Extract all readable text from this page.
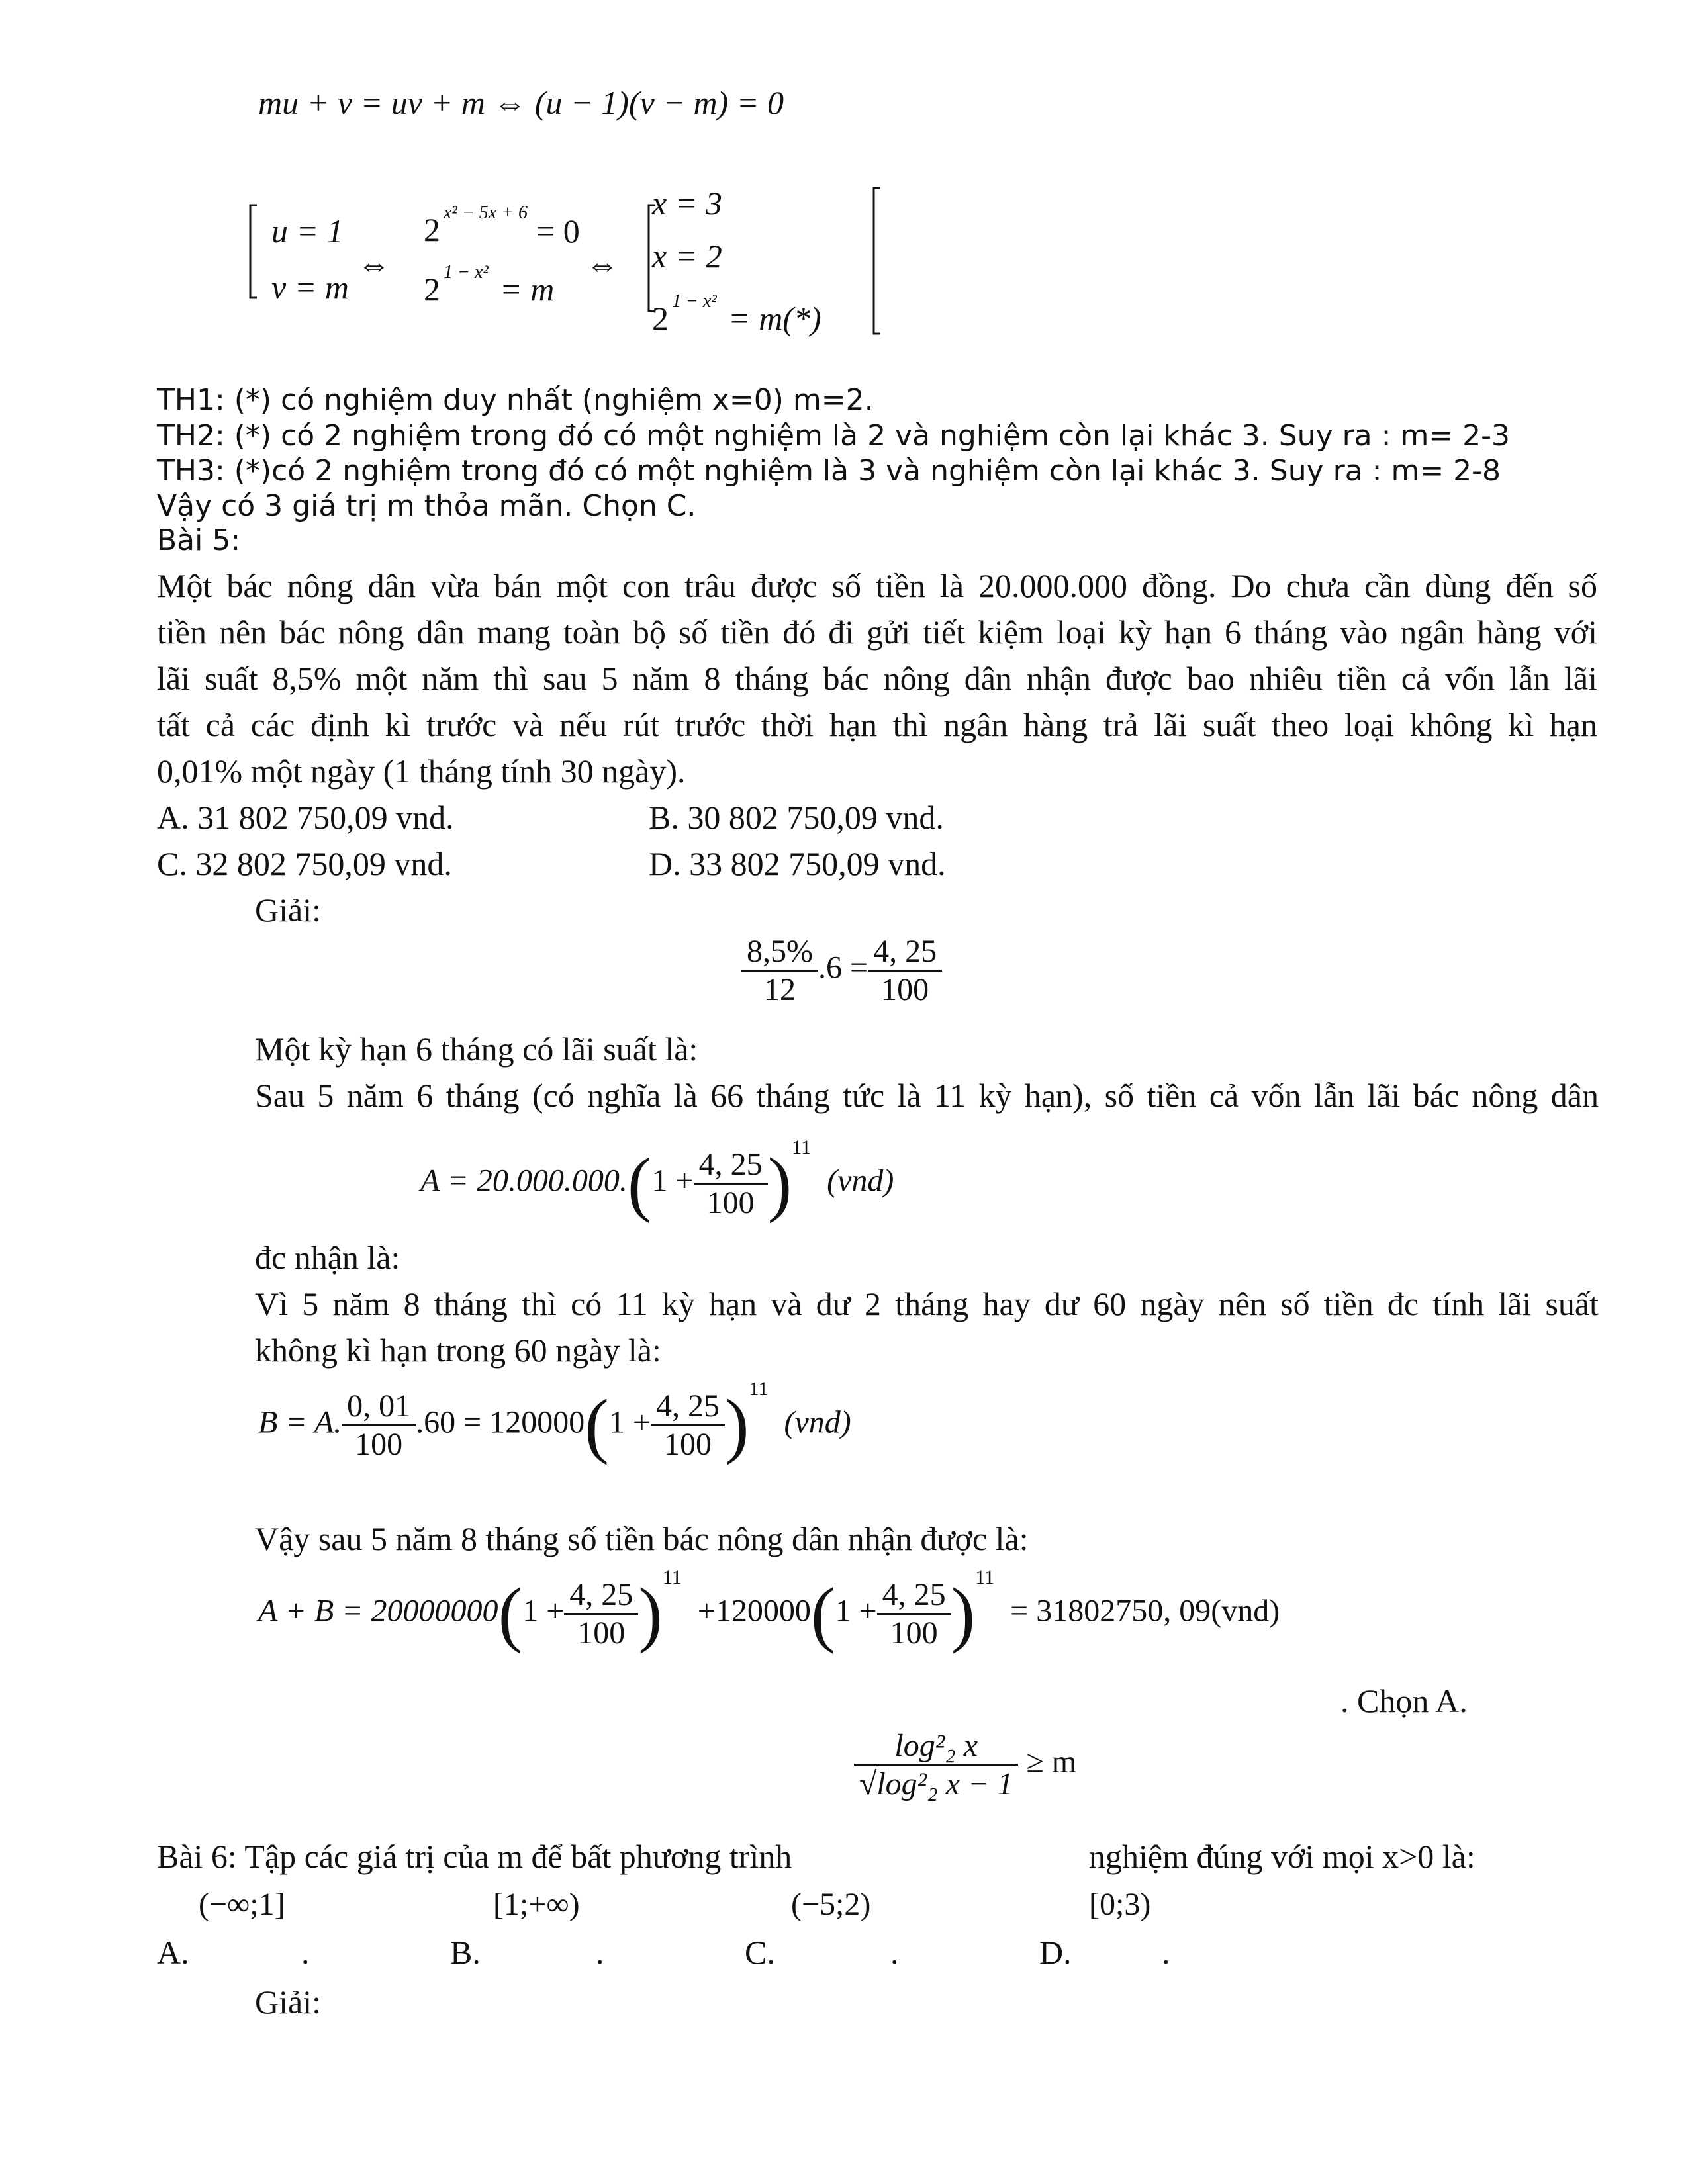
mu + v = uv + m ⇔ (u − 1)(v − m) = 0
u = 1
v = m
⇔
2 x² − 5x + 6 = 0
2 1 − x² = m
⇔
x = 3
x = 2
2 1 − x² = m(*)
TH1: (*) có nghiệm duy nhất (nghiệm x=0) m=2.
TH2: (*) có 2 nghiệm trong đó có một nghiệm là 2 và nghiệm còn lại khác 3. Suy ra : m= 2-3
TH3: (*)có 2 nghiệm trong đó có một nghiệm là 3 và nghiệm còn lại khác 3. Suy ra : m= 2-8
Vậy có 3 giá trị m thỏa mãn. Chọn C.
Bài 5:
Một bác nông dân vừa bán một con trâu được số tiền là 20.000.000 đồng. Do chưa cần dùng đến số
tiền nên bác nông dân mang toàn bộ số tiền đó đi gửi tiết kiệm loại kỳ hạn 6 tháng vào ngân hàng với
lãi suất 8,5% một năm thì sau 5 năm 8 tháng bác nông dân nhận được bao nhiêu tiền cả vốn lẫn lãi
tất cả các định kì trước và nếu rút trước thời hạn thì ngân hàng trả lãi suất theo loại không kì hạn
0,01% một ngày (1 tháng tính 30 ngày).
A. 31 802 750,09 vnd.	B. 30 802 750,09 vnd.
C. 32 802 750,09 vnd.	D. 33 802 750,09 vnd.
Giải:
$\frac{8,5\%}{12} .6 = \frac{4, 25}{100}$
Một kỳ hạn 6 tháng có lãi suất là:
Sau 5 năm 6 tháng (có nghĩa là 66 tháng tức là 11 kỳ hạn), số tiền cả vốn lẫn lãi bác nông dân
$A = 20.000.000.(1 + \frac{4, 25}{100} )^{11}$  (vnd)
đc nhận là:
Vì 5 năm 8 tháng thì có 11 kỳ hạn và dư 2 tháng hay dư 60 ngày nên số tiền đc tính lãi suất
không kì hạn trong 60 ngày là:
B = A. $\frac{0, 01}{100} .60 = 120000(1 + \frac{4, 25}{100} )^{11}$  (vnd)
Vậy sau 5 năm 8 tháng số tiền bác nông dân nhận được là:
$A + B = 20000000(1 + \frac{4, 25}{100} )^{11} +120000(1 + \frac{4, 25}{100} )^{11} = 31802750$, 09(vnd)
. Chọn A.
$\frac{\text{log²₂ x}}{\text{√log²₂ x − 1}} \ge m$
Bài 6: Tập các giá trị của m để bất phương trình	nghiệm đúng với mọi x>0 là:
(−∞;1]	[1;+∞)	(−5;2)	[0;3)
A.	.	B.	.	C.	.	D.	.
Giải:
